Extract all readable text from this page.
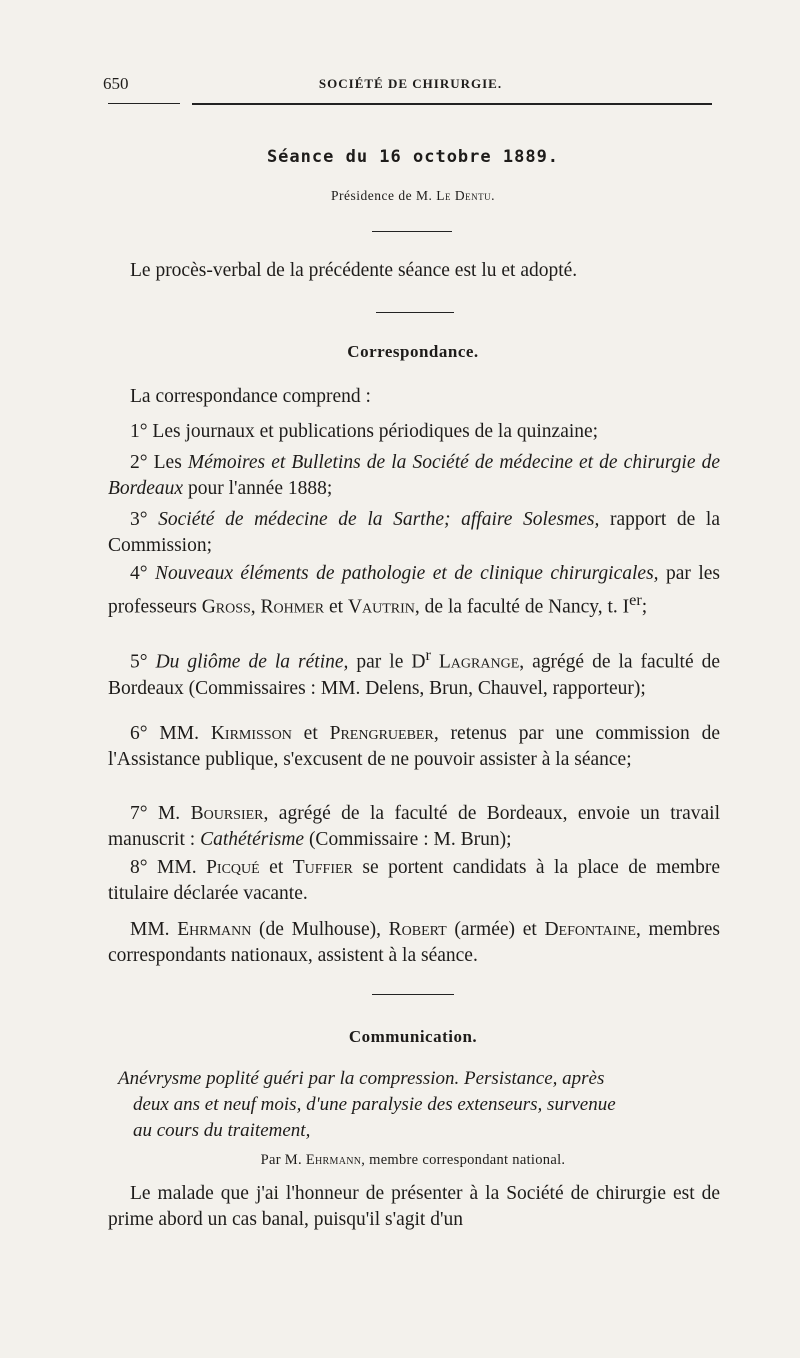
650	SOCIÉTÉ DE CHIRURGIE.
Séance du 16 octobre 1889.
Présidence de M. Le Dentu.
Le procès-verbal de la précédente séance est lu et adopté.
Correspondance.
La correspondance comprend :
1° Les journaux et publications périodiques de la quinzaine;
2° Les Mémoires et Bulletins de la Société de médecine et de chirurgie de Bordeaux pour l'année 1888;
3° Société de médecine de la Sarthe; affaire Solesmes, rapport de la Commission;
4° Nouveaux éléments de pathologie et de clinique chirurgicales, par les professeurs Gross, Rohmer et Vautrin, de la faculté de Nancy, t. Ier;
5° Du gliôme de la rétine, par le $D^r$ Lagrange, agrégé de la faculté de Bordeaux (Commissaires : MM. Delens, Brun, Chauvel, rapporteur);
6° MM. Kirmisson et Prengrueber, retenus par une commission de l'Assistance publique, s'excusent de ne pouvoir assister à la séance;
7° M. Boursier, agrégé de la faculté de Bordeaux, envoie un travail manuscrit : Cathétérisme (Commissaire : M. Brun);
8° MM. Picqué et Tuffier se portent candidats à la place de membre titulaire déclarée vacante.
MM. Ehrmann (de Mulhouse), Robert (armée) et Defontaine, membres correspondants nationaux, assistent à la séance.
Communication.
Anévrysme poplité guéri par la compression. Persistance, après
deux ans et neuf mois, d'une paralysie des extenseurs, survenue
au cours du traitement,
Par M. Ehrmann, membre correspondant national.
Le malade que j'ai l'honneur de présenter à la Société de chirurgie est de prime abord un cas banal, puisqu'il s'agit d'un
